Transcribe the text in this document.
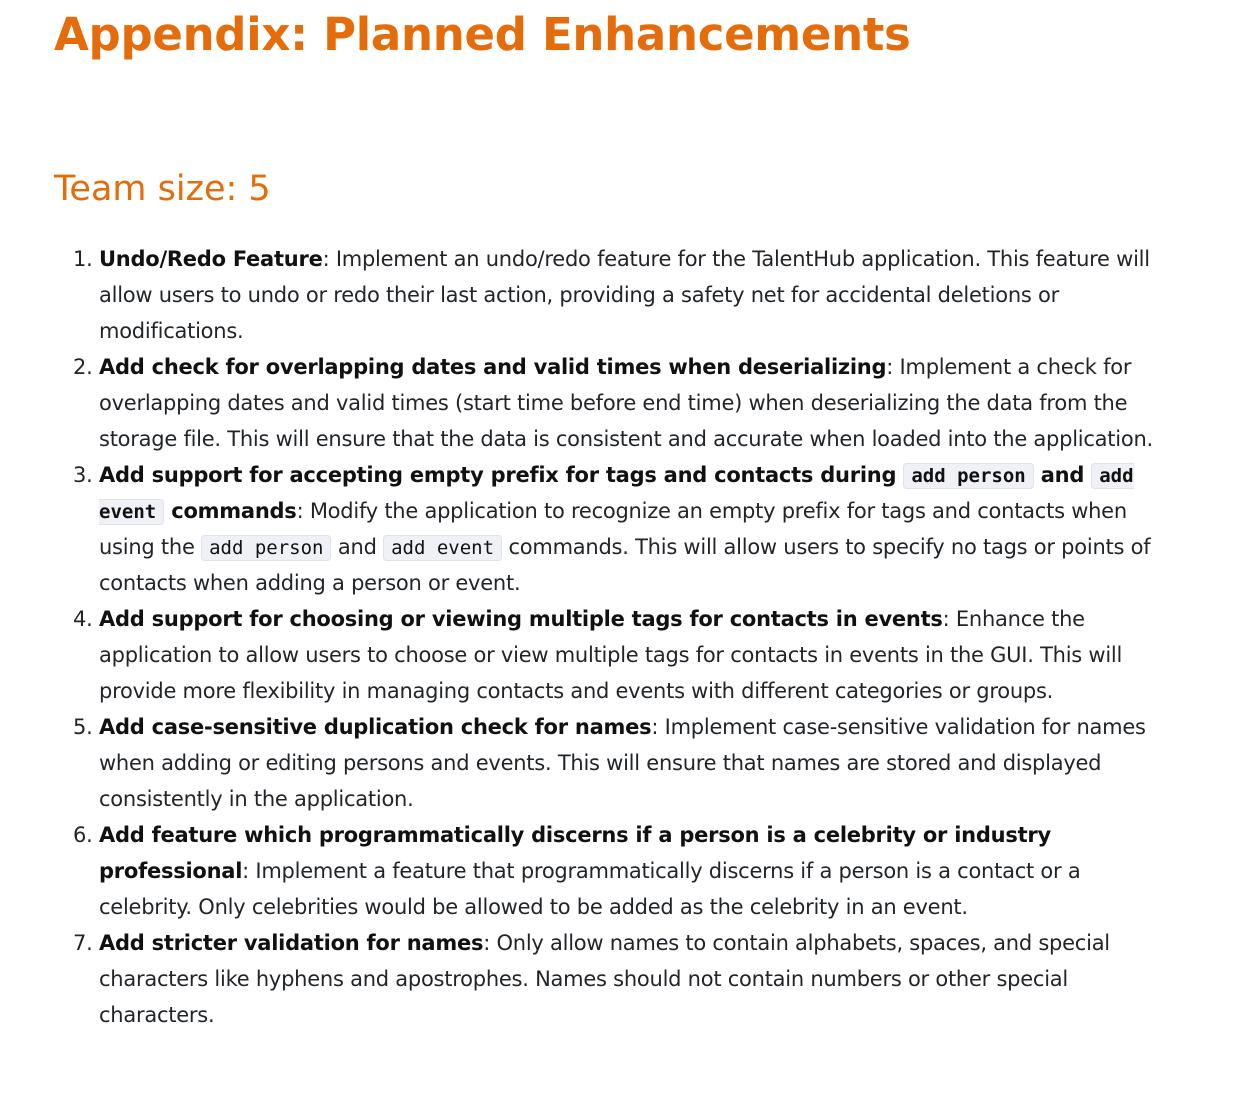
Appendix: Planned Enhancements
Team size: 5
Undo/Redo Feature: Implement an undo/redo feature for the TalentHub application. This feature will allow users to undo or redo their last action, providing a safety net for accidental deletions or modifications.
Add check for overlapping dates and valid times when deserializing: Implement a check for overlapping dates and valid times (start time before end time) when deserializing the data from the storage file. This will ensure that the data is consistent and accurate when loaded into the application.
Add support for accepting empty prefix for tags and contacts during add person and add event commands: Modify the application to recognize an empty prefix for tags and contacts when using the add person and add event commands. This will allow users to specify no tags or points of contacts when adding a person or event.
Add support for choosing or viewing multiple tags for contacts in events: Enhance the application to allow users to choose or view multiple tags for contacts in events in the GUI. This will provide more flexibility in managing contacts and events with different categories or groups.
Add case-sensitive duplication check for names: Implement case-sensitive validation for names when adding or editing persons and events. This will ensure that names are stored and displayed consistently in the application.
Add feature which programmatically discerns if a person is a celebrity or industry professional: Implement a feature that programmatically discerns if a person is a contact or a celebrity. Only celebrities would be allowed to be added as the celebrity in an event.
Add stricter validation for names: Only allow names to contain alphabets, spaces, and special characters like hyphens and apostrophes. Names should not contain numbers or other special characters.
